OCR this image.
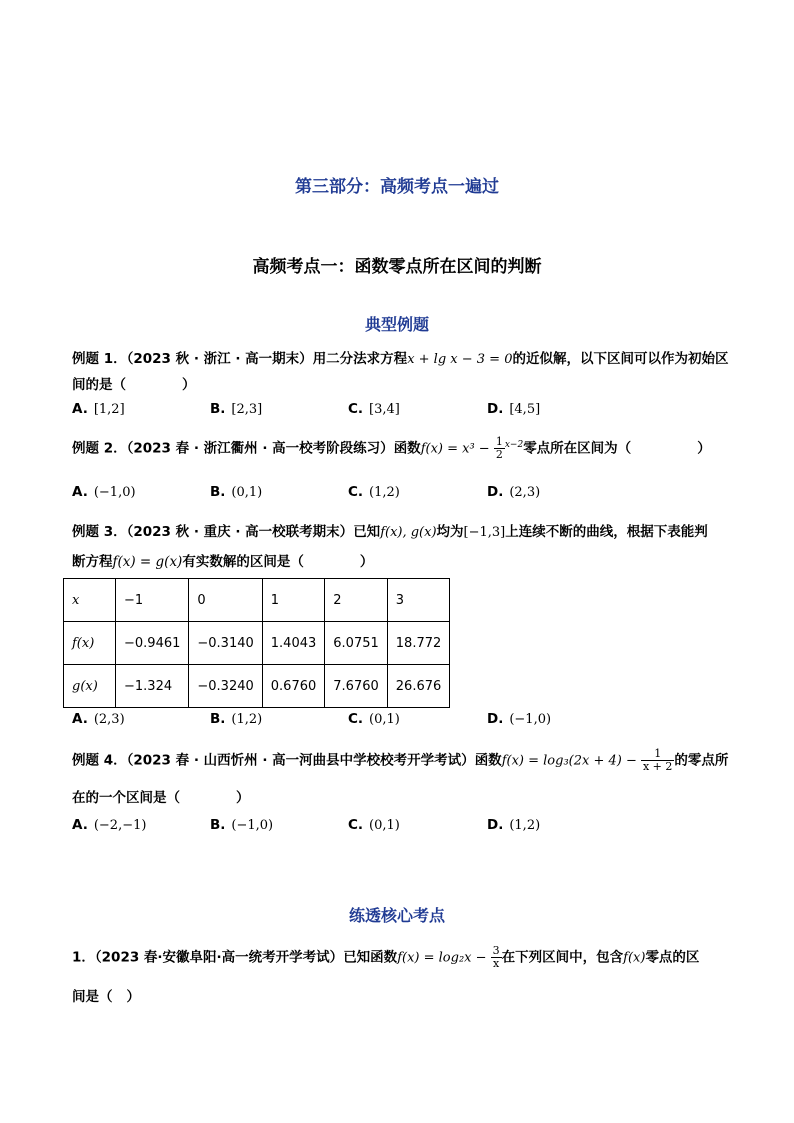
第三部分：高频考点一遍过
高频考点一：函数零点所在区间的判断
典型例题
例题 1．（2023 秋 · 浙江 · 高一期末）用二分法求方程x + lg x − 3 = 0的近似解，以下区间可以作为初始区
间的是（	）
A. [1,2]	B. [2,3]	C. [3,4]	D. [4,5]
例题 2．（2023 春 · 浙江衢州 · 高一校考阶段练习）函数$f(x) = x^3 - \frac{1}{2} ^{x-2}$零点所在区间为（	）
A. (−1,0)	B. (0,1)	C. (1,2)	D. (2,3)
例题 3．（2023 秋 · 重庆 · 高一校联考期末）已知f(x), g(x)均为[−1,3]上连续不断的曲线，根据下表能判
断方程f(x) = g(x)有实数解的区间是（	）
x	−1	0	1	2	3
f(x)	−0.9461	−0.3140	1.4043	6.0751	18.772
g(x)	−1.324	−0.3240	0.6760	7.6760	26.676
A. (2,3)	B. (1,2)	C. (0,1)	D. (−1,0)
例题 4．（2023 春 · 山西忻州 · 高一河曲县中学校校考开学考试）函数$f(x) = \log_3(2x + 4) - \frac{1}{x + 2}$ 的零点所
在的一个区间是（	）
A. (−2,−1)	B. (−1,0)	C. (0,1)	D. (1,2)
练透核心考点
1．（2023 春·安徽阜阳·高一统考开学考试）已知函数$f(x) = \log_2x - \frac{3}{x}$ 在下列区间中，包含f(x)零点的区
间是（ ）
